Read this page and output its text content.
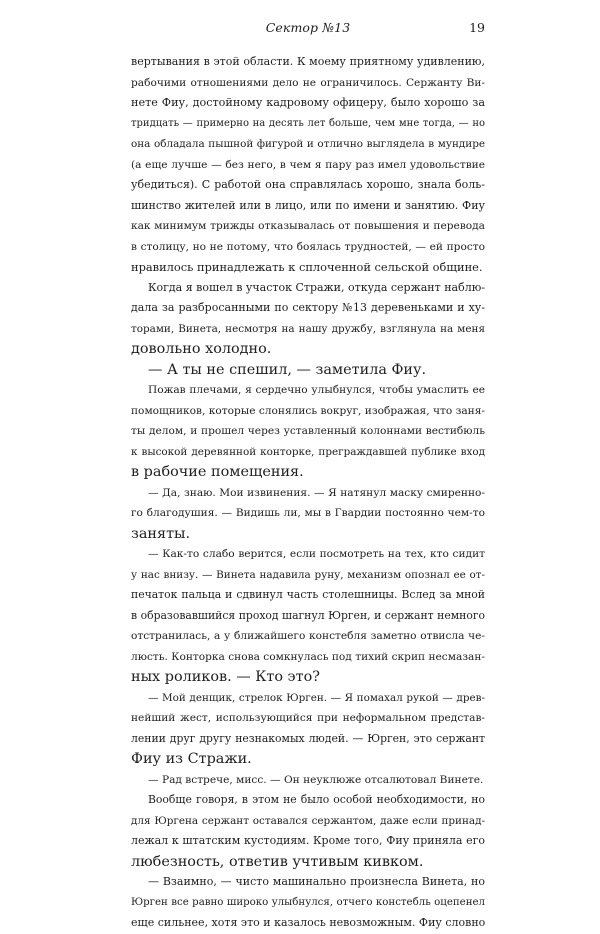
Сектор №13	19
вертывания в этой области. К моему приятному удивлению,
рабочими отношениями дело не ограничилось. Сержанту Ви-
нете Фиу, достойному кадровому офицеру, было хорошо за
тридцать — примерно на десять лет больше, чем мне тогда, — но
она обладала пышной фигурой и отлично выглядела в мундире
(а еще лучше — без него, в чем я пару раз имел удовольствие
убедиться). С работой она справлялась хорошо, знала боль-
шинство жителей или в лицо, или по имени и занятию. Фиу
как минимум трижды отказывалась от повышения и перевода
в столицу, но не потому, что боялась трудностей, — ей просто
нравилось принадлежать к сплоченной сельской общине.
Когда я вошел в участок Стражи, откуда сержант наблю-
дала за разбросанными по сектору №13 деревеньками и ху-
торами, Винета, несмотря на нашу дружбу, взглянула на меня
довольно холодно.
— А ты не спешил, — заметила Фиу.
Пожав плечами, я сердечно улыбнулся, чтобы умаслить ее
помощников, которые слонялись вокруг, изображая, что заня-
ты делом, и прошел через уставленный колоннами вестибюль
к высокой деревянной конторке, преграждавшей публике вход
в рабочие помещения.
— Да, знаю. Мои извинения. — Я натянул маску смиренно-
го благодушия. — Видишь ли, мы в Гвардии постоянно чем-то
заняты.
— Как-то слабо верится, если посмотреть на тех, кто сидит
у нас внизу. — Винета надавила руну, механизм опознал ее от-
печаток пальца и сдвинул часть столешницы. Вслед за мной
в образовавшийся проход шагнул Юрген, и сержант немного
отстранилась, а у ближайшего констебля заметно отвисла че-
люсть. Конторка снова сомкнулась под тихий скрип несмазан-
ных роликов. — Кто это?
— Мой денщик, стрелок Юрген. — Я помахал рукой — древ-
нейший жест, использующийся при неформальном представ-
лении друг другу незнакомых людей. — Юрген, это сержант
Фиу из Стражи.
— Рад встрече, мисс. — Он неуклюже отсалютовал Винете.
Вообще говоря, в этом не было особой необходимости, но
для Юргена сержант оставался сержантом, даже если принад-
лежал к штатским кустодиям. Кроме того, Фиу приняла его
любезность, ответив учтивым кивком.
— Взаимно, — чисто машинально произнесла Винета, но
Юрген все равно широко улыбнулся, отчего констебль оцепенел
еще сильнее, хотя это и казалось невозможным. Фиу словно
